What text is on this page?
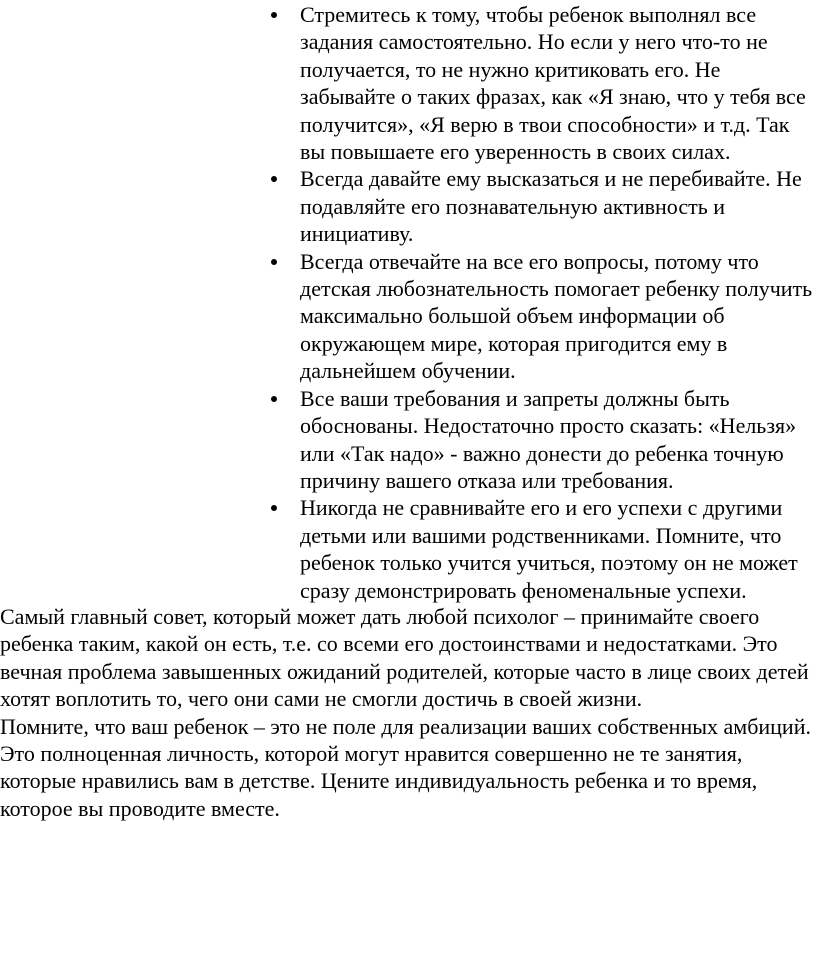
Стремитесь к тому, чтобы ребенок выполнял все задания самостоятельно. Но если у него что-то не получается, то не нужно критиковать его. Не забывайте о таких фразах, как «Я знаю, что у тебя все получится», «Я верю в твои способности» и т.д. Так вы повышаете его уверенность в своих силах.
Всегда давайте ему высказаться и не перебивайте. Не подавляйте его познавательную активность и инициативу.
Всегда отвечайте на все его вопросы, потому что детская любознательность помогает ребенку получить максимально большой объем информации об окружающем мире, которая пригодится ему в дальнейшем обучении.
Все ваши требования и запреты должны быть обоснованы. Недостаточно просто сказать: «Нельзя» или «Так надо» - важно донести до ребенка точную причину вашего отказа или требования.
Никогда не сравнивайте его и его успехи с другими детьми или вашими родственниками. Помните, что ребенок только учится учиться, поэтому он не может сразу демонстрировать феноменальные успехи.

Самый главный совет, который может дать любой психолог – принимайте своего ребенка таким, какой он есть, т.е. со всеми его достоинствами и недостатками. Это вечная проблема завышенных ожиданий родителей, которые часто в лице своих детей хотят воплотить то, чего они сами не смогли достичь в своей жизни.

Помните, что ваш ребенок – это не поле для реализации ваших собственных амбиций. Это полноценная личность, которой могут нравится совершенно не те занятия, которые нравились вам в детстве. Цените индивидуальность ребенка и то время, которое вы проводите вместе.
